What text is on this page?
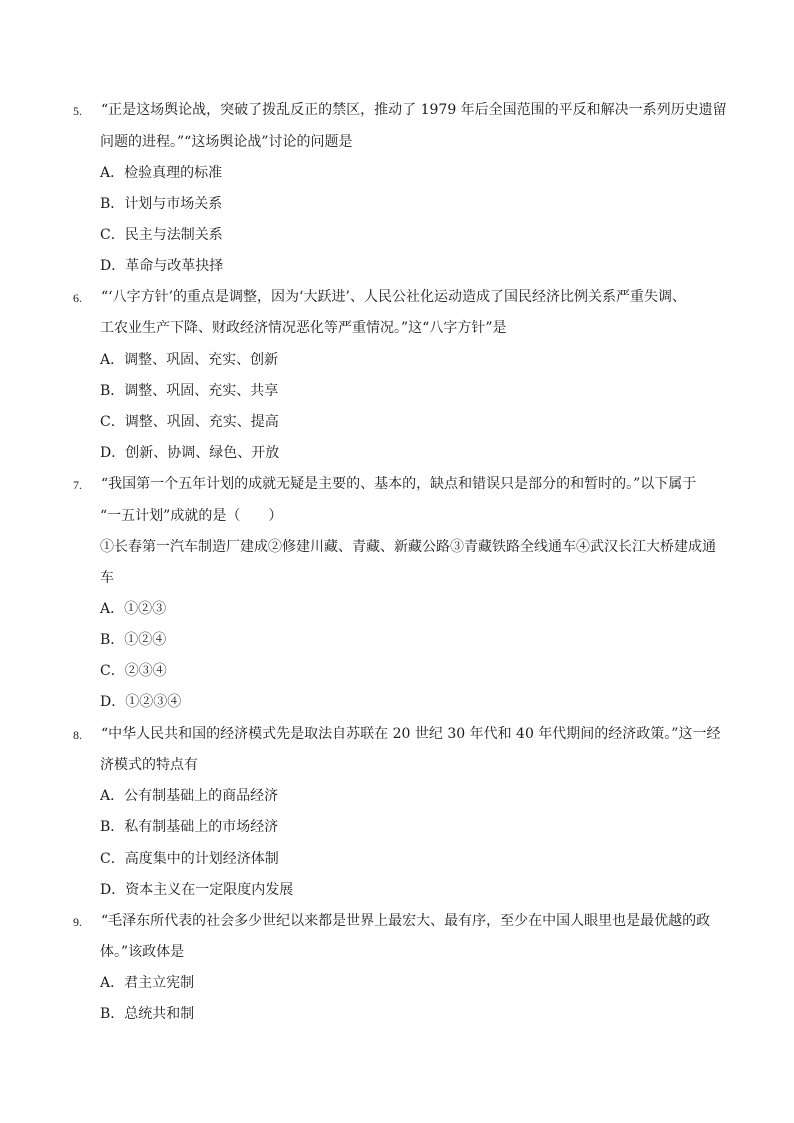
5. “正是这场舆论战，突破了拨乱反正的禁区，推动了 1979 年后全国范围的平反和解决一系列历史遗留
问题的进程。”“这场舆论战”讨论的问题是
A．检验真理的标准
B．计划与市场关系
C．民主与法制关系
D．革命与改革抉择
6. “‘八字方针’的重点是调整，因为‘大跃进’、人民公社化运动造成了国民经济比例关系严重失调、
工农业生产下降、财政经济情况恶化等严重情况。”这“八字方针”是
A．调整、巩固、充实、创新
B．调整、巩固、充实、共享
C．调整、巩固、充实、提高
D．创新、协调、绿色、开放
7. “我国第一个五年计划的成就无疑是主要的、基本的，缺点和错误只是部分的和暂时的。”以下属于
“一五计划”成就的是（　　）
①长春第一汽车制造厂建成②修建川藏、青藏、新藏公路③青藏铁路全线通车④武汉长江大桥建成通
车
A．①②③
B．①②④
C．②③④
D．①②③④
8. “中华人民共和国的经济模式先是取法自苏联在 20 世纪 30 年代和 40 年代期间的经济政策。”这一经
济模式的特点有
A．公有制基础上的商品经济
B．私有制基础上的市场经济
C．高度集中的计划经济体制
D．资本主义在一定限度内发展
9. “毛泽东所代表的社会多少世纪以来都是世界上最宏大、最有序，至少在中国人眼里也是最优越的政
体。”该政体是
A．君主立宪制
B．总统共和制
